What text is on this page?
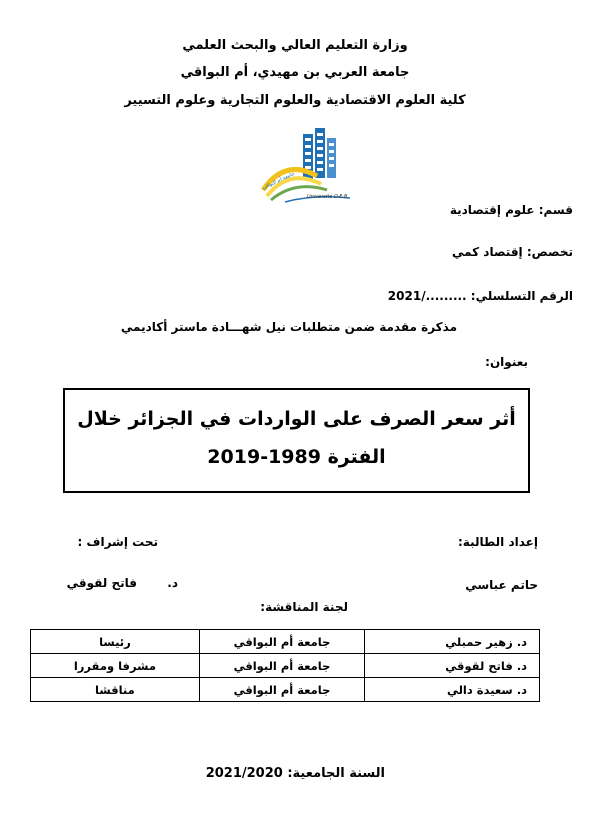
وزارة التعليم العالي والبحث العلمي
جامعة العربي بن مهيدي، أم البواقي
كلية العلوم الاقتصادية والعلوم التجارية وعلوم التسيير
جامعة أم البواقي
Université O.E.B
قسم: علوم إقتصادية
تخصص: إقتصاد كمي
الرقم التسلسلي: ........./2021
مذكرة مقدمة ضمن متطلبات نيل شهـــادة ماستر أكاديمي
بعنوان:
أثر سعر الصرف على الواردات في الجزائر خلال
الفترة 1989-2019
إعداد الطالبة:
تحت إشراف :
حاتم عباسي
د.
فاتح لقوقي
لجنة المناقشة:
د. زهير حمبلي	جامعة أم البواقي	رئيسا
د. فاتح لقوقي	جامعة أم البواقي	مشرفا ومقررا
د. سعيدة دالي	جامعة أم البواقي	مناقشا
السنة الجامعية: 2021/2020
